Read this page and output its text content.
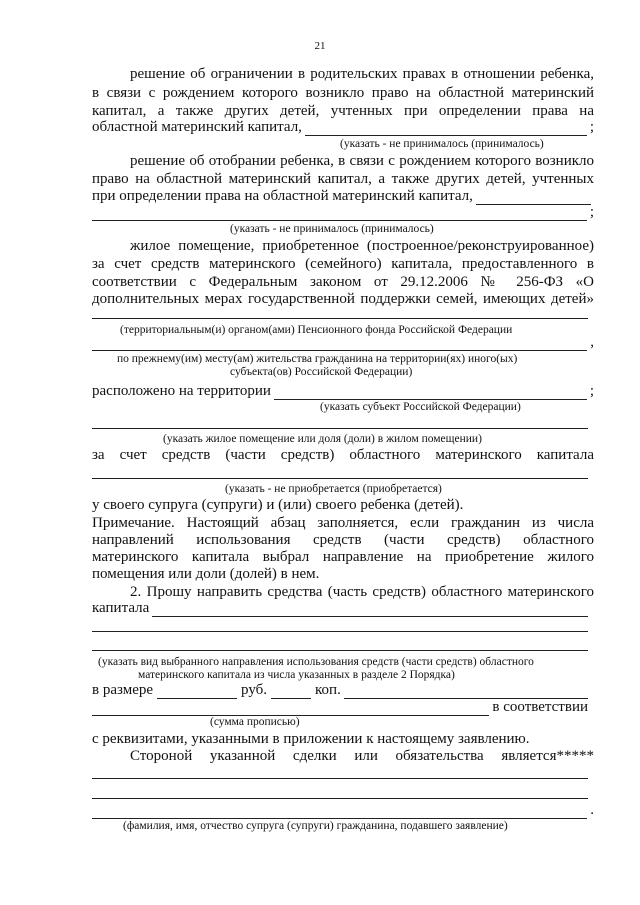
21

решение об ограничении в родительских правах в отношении ребенка,

в связи с рождением которого возникло право на областной материнский

капитал, а также других детей, учтенных при определении права на

областной материнский капитал,	;

(указать - не принималось (принималось)

решение об отобрании ребенка, в связи с рождением которого возникло

право на областной материнский капитал, а также других детей, учтенных

при определении права на областной материнский капитал,
;

(указать - не принималось (принималось)

жилое помещение, приобретенное (построенное/реконструированное)

за счет средств материнского (семейного) капитала, предоставленного в

соответствии с Федеральным законом от 29.12.2006 № 256-ФЗ «О

дополнительных мерах государственной поддержки семей, имеющих детей»

(территориальным(и) органом(ами) Пенсионного фонда Российской Федерации

,

по прежнему(им) месту(ам) жительства гражданина на территории(ях) иного(ых)

субъекта(ов) Российской Федерации)

расположено на территории	;

(указать субъект Российской Федерации)

(указать жилое помещение или доля (доли) в жилом помещении)

за счет средств (части средств) областного материнского капитала

(указать - не приобретается (приобретается)

у своего супруга (супруги) и (или) своего ребенка (детей).

Примечание. Настоящий абзац заполняется, если гражданин из числа

направлений использования средств (части средств) областного

материнского капитала выбрал направление на приобретение жилого

помещения или доли (долей) в нем.

2. Прошу направить средства (часть средств) областного материнского

капитала

(указать вид выбранного направления использования средств (части средств) областного

материнского капитала из числа указанных в разделе 2 Порядка)

в размере	руб.	коп.
в соответствии

(сумма прописью)

с реквизитами, указанными в приложении к настоящему заявлению.

Стороной указанной сделки или обязательства является*****

.

(фамилия, имя, отчество супруга (супруги) гражданина, подавшего заявление)
